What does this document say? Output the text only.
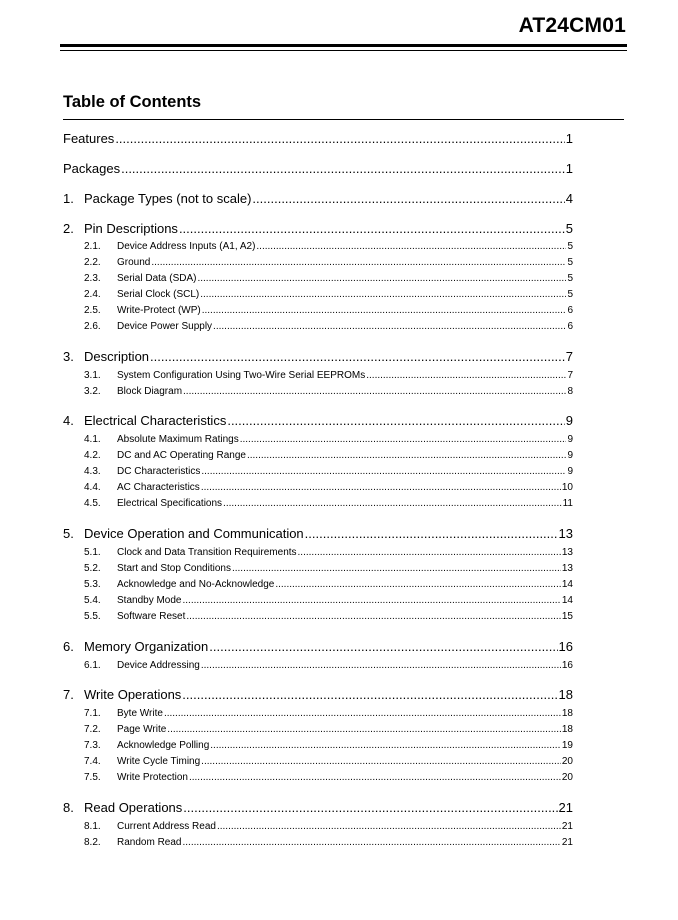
AT24CM01
Table of Contents
Features .....	1
Packages .....	1
1. Package Types (not to scale) .....	4
2. Pin Descriptions .....	5
2.1.	Device Address Inputs (A1, A2) .....	5
2.2.	Ground .....	5
2.3.	Serial Data (SDA) .....	5
2.4.	Serial Clock (SCL) .....	5
2.5.	Write-Protect (WP) .....	6
2.6.	Device Power Supply .....	6
3. Description .....	7
3.1.	System Configuration Using Two-Wire Serial EEPROMs .....	7
3.2.	Block Diagram .....	8
4. Electrical Characteristics .....	9
4.1.	Absolute Maximum Ratings .....	9
4.2.	DC and AC Operating Range .....	9
4.3.	DC Characteristics .....	9
4.4.	AC Characteristics .....	10
4.5.	Electrical Specifications .....	11
5. Device Operation and Communication .....	13
5.1.	Clock and Data Transition Requirements .....	13
5.2.	Start and Stop Conditions .....	13
5.3.	Acknowledge and No-Acknowledge .....	14
5.4.	Standby Mode .....	14
5.5.	Software Reset .....	15
6. Memory Organization .....	16
6.1.	Device Addressing .....	16
7. Write Operations .....	18
7.1.	Byte Write .....	18
7.2.	Page Write .....	18
7.3.	Acknowledge Polling .....	19
7.4.	Write Cycle Timing .....	20
7.5.	Write Protection .....	20
8. Read Operations .....	21
8.1.	Current Address Read .....	21
8.2.	Random Read .....	21
